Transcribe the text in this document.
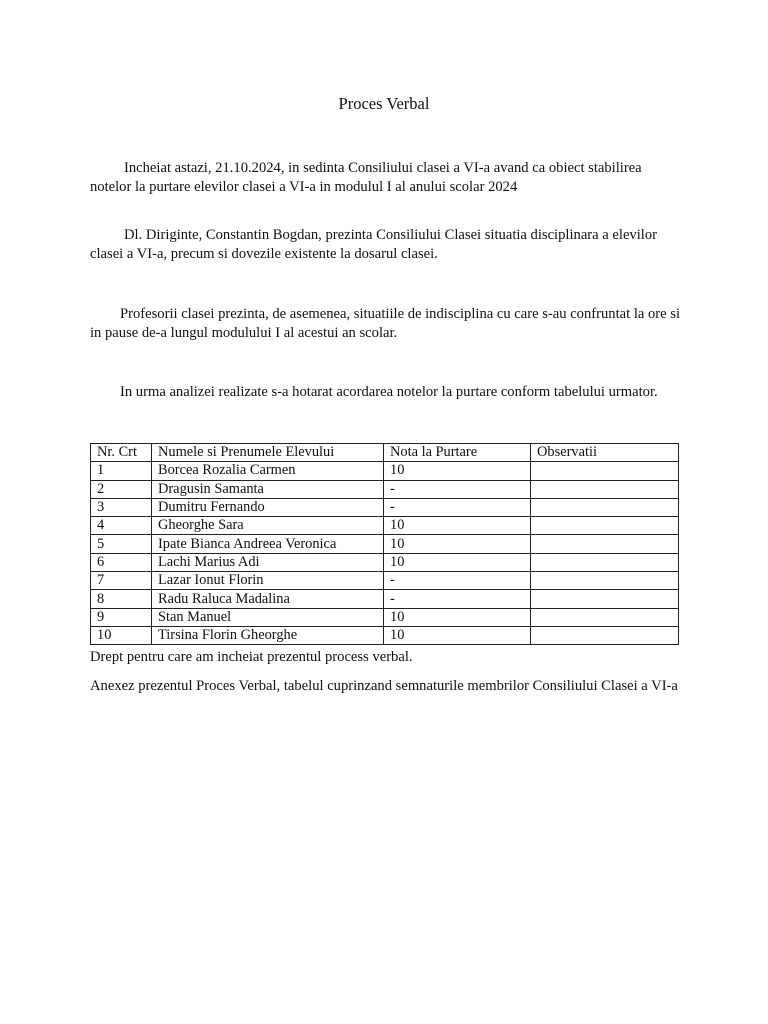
Proces Verbal

Incheiat astazi, 21.10.2024, in sedinta Consiliului clasei a VI-a avand ca obiect stabilirea notelor la purtare elevilor clasei a VI-a in modulul I al anului scolar 2024

Dl. Diriginte, Constantin Bogdan, prezinta Consiliului Clasei situatia disciplinara a elevilor clasei a VI-a, precum si dovezile existente la dosarul clasei.

Profesorii clasei prezinta, de asemenea, situatiile de indisciplina cu care s-au confruntat la ore si in pause de-a lungul modulului I al acestui an scolar.

In urma analizei realizate s-a hotarat acordarea notelor la purtare conform tabelului urmator.

Nr. Crt	Numele si Prenumele Elevului	Nota la Purtare	Observatii
1	Borcea Rozalia Carmen	10	
2	Dragusin Samanta	-	
3	Dumitru Fernando	-	
4	Gheorghe Sara	10	
5	Ipate Bianca Andreea Veronica	10	
6	Lachi Marius Adi	10	
7	Lazar Ionut Florin	-	
8	Radu Raluca Madalina	-	
9	Stan Manuel	10	
10	Tirsina Florin Gheorghe	10	

Drept pentru care am incheiat prezentul process verbal.

Anexez prezentul Proces Verbal, tabelul cuprinzand semnaturile membrilor Consiliului Clasei a VI-a
